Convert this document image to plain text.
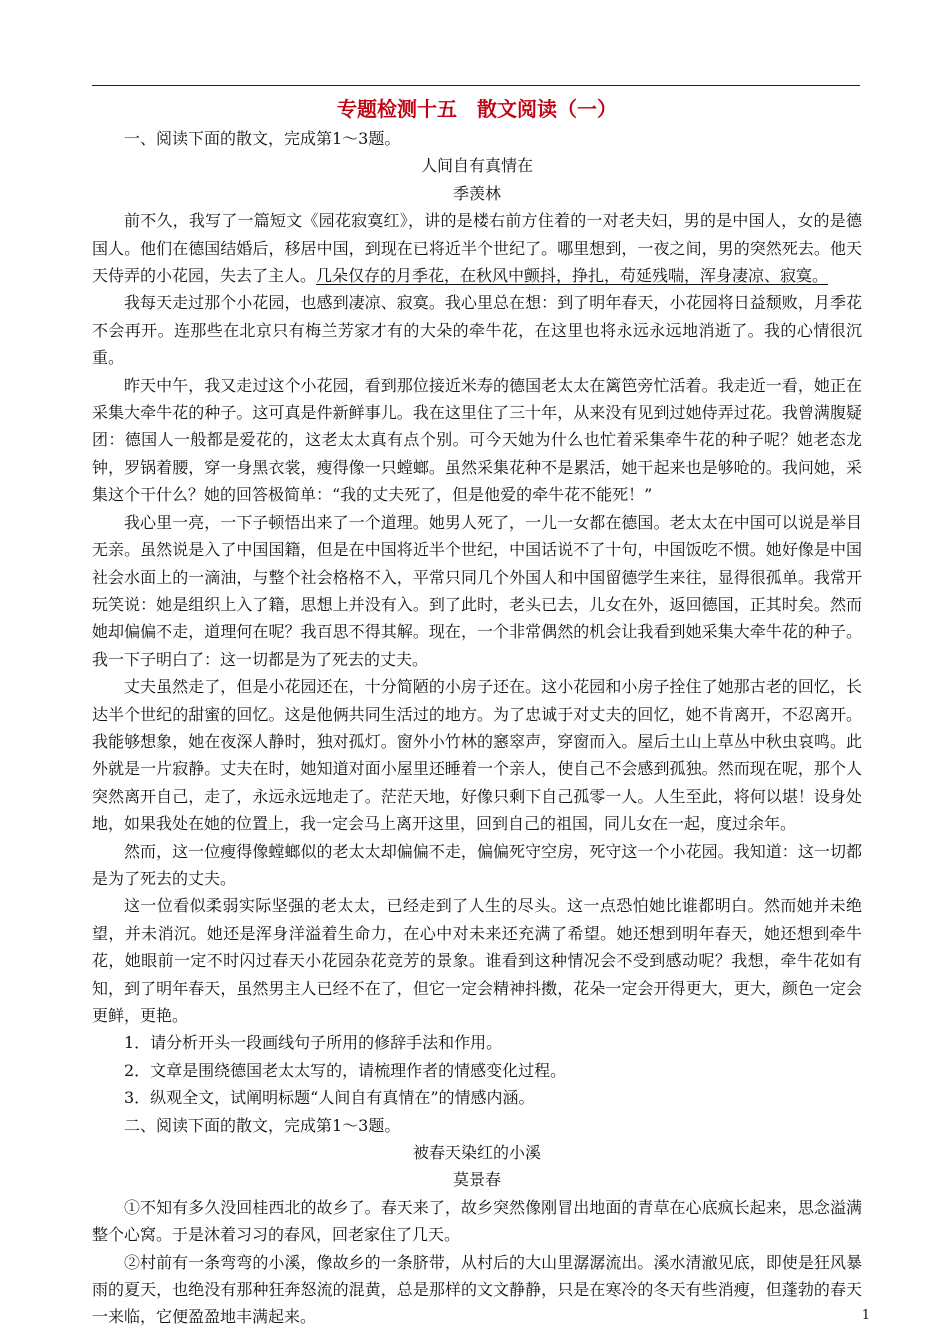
专题检测十五 散文阅读（一）

一、阅读下面的散文，完成第1～3题。

人间自有真情在

季羡林

前不久，我写了一篇短文《园花寂寞红》，讲的是楼右前方住着的一对老夫妇，男的是中国人，女的是德国人。他们在德国结婚后，移居中国，到现在已将近半个世纪了。哪里想到，一夜之间，男的突然死去。他天天侍弄的小花园，失去了主人。几朵仅存的月季花，在秋风中颤抖，挣扎，苟延残喘，浑身凄凉、寂寞。

我每天走过那个小花园，也感到凄凉、寂寞。我心里总在想：到了明年春天，小花园将日益颓败，月季花不会再开。连那些在北京只有梅兰芳家才有的大朵的牵牛花，在这里也将永远永远地消逝了。我的心情很沉重。

昨天中午，我又走过这个小花园，看到那位接近米寿的德国老太太在篱笆旁忙活着。我走近一看，她正在采集大牵牛花的种子。这可真是件新鲜事儿。我在这里住了三十年，从来没有见到过她侍弄过花。我曾满腹疑团：德国人一般都是爱花的，这老太太真有点个别。可今天她为什么也忙着采集牵牛花的种子呢？她老态龙钟，罗锅着腰，穿一身黑衣裳，瘦得像一只螳螂。虽然采集花种不是累活，她干起来也是够呛的。我问她，采集这个干什么？她的回答极简单：“我的丈夫死了，但是他爱的牵牛花不能死！”

我心里一亮，一下子顿悟出来了一个道理。她男人死了，一儿一女都在德国。老太太在中国可以说是举目无亲。虽然说是入了中国国籍，但是在中国将近半个世纪，中国话说不了十句，中国饭吃不惯。她好像是中国社会水面上的一滴油，与整个社会格格不入，平常只同几个外国人和中国留德学生来往，显得很孤单。我常开玩笑说：她是组织上入了籍，思想上并没有入。到了此时，老头已去，儿女在外，返回德国，正其时矣。然而她却偏偏不走，道理何在呢？我百思不得其解。现在，一个非常偶然的机会让我看到她采集大牵牛花的种子。我一下子明白了：这一切都是为了死去的丈夫。

丈夫虽然走了，但是小花园还在，十分简陋的小房子还在。这小花园和小房子拴住了她那古老的回忆，长达半个世纪的甜蜜的回忆。这是他俩共同生活过的地方。为了忠诚于对丈夫的回忆，她不肯离开，不忍离开。我能够想象，她在夜深人静时，独对孤灯。窗外小竹林的窸窣声，穿窗而入。屋后土山上草丛中秋虫哀鸣。此外就是一片寂静。丈夫在时，她知道对面小屋里还睡着一个亲人，使自己不会感到孤独。然而现在呢，那个人突然离开自己，走了，永远永远地走了。茫茫天地，好像只剩下自己孤零一人。人生至此，将何以堪！设身处地，如果我处在她的位置上，我一定会马上离开这里，回到自己的祖国，同儿女在一起，度过余年。

然而，这一位瘦得像螳螂似的老太太却偏偏不走，偏偏死守空房，死守这一个小花园。我知道：这一切都是为了死去的丈夫。

这一位看似柔弱实际坚强的老太太，已经走到了人生的尽头。这一点恐怕她比谁都明白。然而她并未绝望，并未消沉。她还是浑身洋溢着生命力，在心中对未来还充满了希望。她还想到明年春天，她还想到牵牛花，她眼前一定不时闪过春天小花园杂花竞芳的景象。谁看到这种情况会不受到感动呢？我想，牵牛花如有知，到了明年春天，虽然男主人已经不在了，但它一定会精神抖擞，花朵一定会开得更大，更大，颜色一定会更鲜，更艳。

1．请分析开头一段画线句子所用的修辞手法和作用。

2．文章是围绕德国老太太写的，请梳理作者的情感变化过程。

3．纵观全文，试阐明标题“人间自有真情在”的情感内涵。

二、阅读下面的散文，完成第1～3题。

被春天染红的小溪

莫景春

①不知有多久没回桂西北的故乡了。春天来了，故乡突然像刚冒出地面的青草在心底疯长起来，思念溢满整个心窝。于是沐着习习的春风，回老家住了几天。

②村前有一条弯弯的小溪，像故乡的一条脐带，从村后的大山里潺潺流出。溪水清澈见底，即使是狂风暴雨的夏天，也绝没有那种狂奔怒流的混黄，总是那样的文文静静，只是在寒冷的冬天有些消瘦，但蓬勃的春天一来临，它便盈盈地丰满起来。	1
